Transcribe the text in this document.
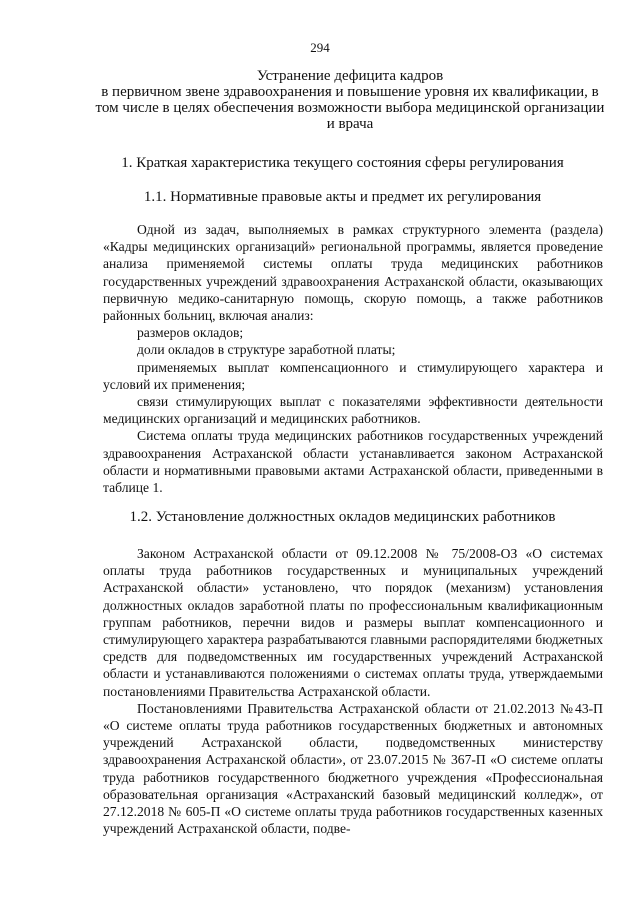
294
Устранение дефицита кадров
в первичном звене здравоохранения и повышение уровня их квалификации, в
том числе в целях обеспечения возможности выбора медицинской организации
и врача
1. Краткая характеристика текущего состояния сферы регулирования
1.1. Нормативные правовые акты и предмет их регулирования

Одной из задач, выполняемых в рамках структурного элемента (раздела) «Кадры медицинских организаций» региональной программы, является проведение анализа применяемой системы оплаты труда медицинских работников государственных учреждений здравоохранения Астраханской области, оказывающих первичную медико-санитарную помощь, скорую помощь, а также работников районных больниц, включая анализ:

размеров окладов;

доли окладов в структуре заработной платы;

применяемых выплат компенсационного и стимулирующего характера и условий их применения;

связи стимулирующих выплат с показателями эффективности деятельности медицинских организаций и медицинских работников.

Система оплаты труда медицинских работников государственных учреждений здравоохранения Астраханской области устанавливается законом Астраханской области и нормативными правовыми актами Астраханской области, приведенными в таблице 1.

1.2. Установление должностных окладов медицинских работников

Законом Астраханской области от 09.12.2008 № 75/2008-ОЗ «О системах оплаты труда работников государственных и муниципальных учреждений Астраханской области» установлено, что порядок (механизм) установления должностных окладов заработной платы по профессиональным квалификационным группам работников, перечни видов и размеры выплат компенсационного и стимулирующего характера разрабатываются главными распорядителями бюджетных средств для подведомственных им государственных учреждений Астраханской области и устанавливаются положениями о системах оплаты труда, утверждаемыми постановлениями Правительства Астраханской области.

Постановлениями Правительства Астраханской области от 21.02.2013 №43-П «О системе оплаты труда работников государственных бюджетных и автономных учреждений Астраханской области, подведомственных министерству здравоохранения Астраханской области», от 23.07.2015 № 367-П «О системе оплаты труда работников государственного бюджетного учреждения «Профессиональная образовательная организация «Астраханский базовый медицинский колледж», от 27.12.2018 № 605-П «О системе оплаты труда работников государственных казенных учреждений Астраханской области, подве-
